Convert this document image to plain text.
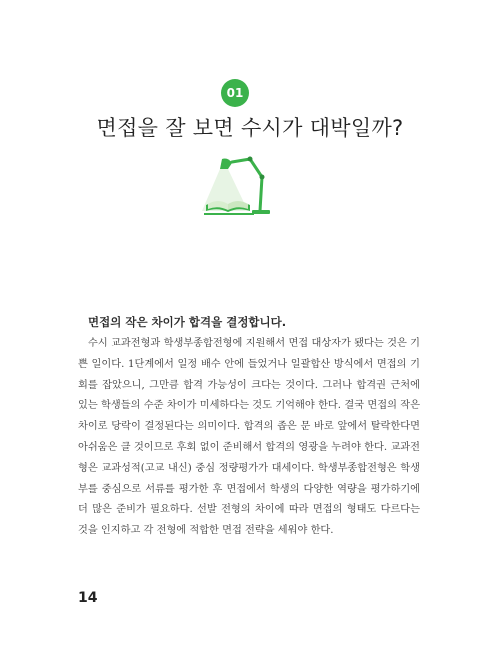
01
면접을 잘 보면 수시가 대박일까?
면접의 작은 차이가 합격을 결정합니다.

수시 교과전형과 학생부종합전형에 지원해서 면접 대상자가 됐다는 것은 기쁜 일이다. 1단계에서 일정 배수 안에 들었거나 일괄합산 방식에서 면접의 기회를 잡았으니, 그만큼 합격 가능성이 크다는 것이다. 그러나 합격권 근처에 있는 학생들의 수준 차이가 미세하다는 것도 기억해야 한다. 결국 면접의 작은 차이로 당락이 결정된다는 의미이다. 합격의 좁은 문 바로 앞에서 탈락한다면 아쉬움은 클 것이므로 후회 없이 준비해서 합격의 영광을 누려야 한다. 교과전형은 교과성적(고교 내신) 중심 정량평가가 대세이다. 학생부종합전형은 학생부를 중심으로 서류를 평가한 후 면접에서 학생의 다양한 역량을 평가하기에 더 많은 준비가 필요하다. 선발 전형의 차이에 따라 면접의 형태도 다르다는 것을 인지하고 각 전형에 적합한 면접 전략을 세워야 한다.

14
